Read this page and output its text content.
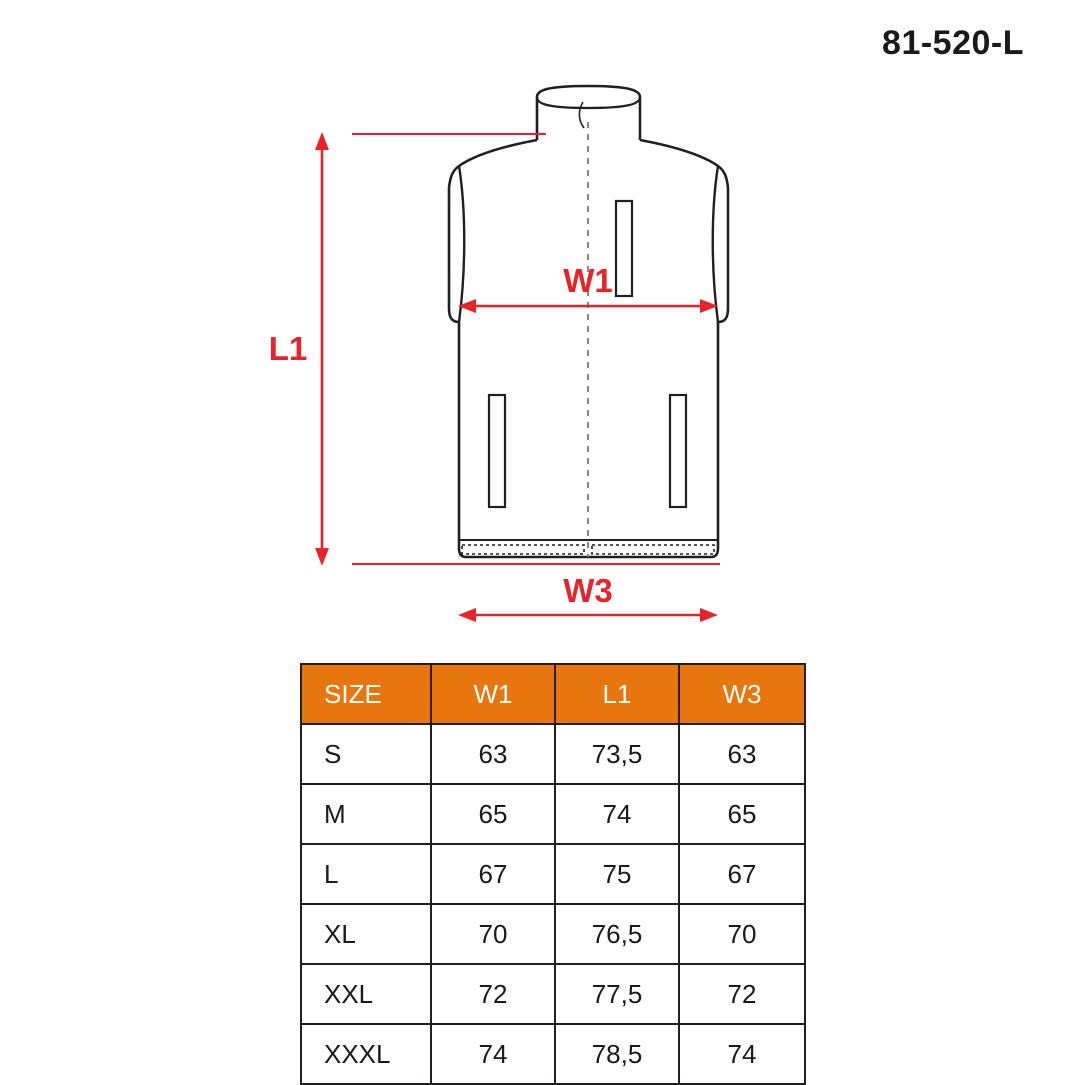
81-520-L
L1
W1
W3
SIZE	W1	L1	W3
S	63	73,5	63
M	65	74	65
L	67	75	67
XL	70	76,5	70
XXL	72	77,5	72
XXXL	74	78,5	74
